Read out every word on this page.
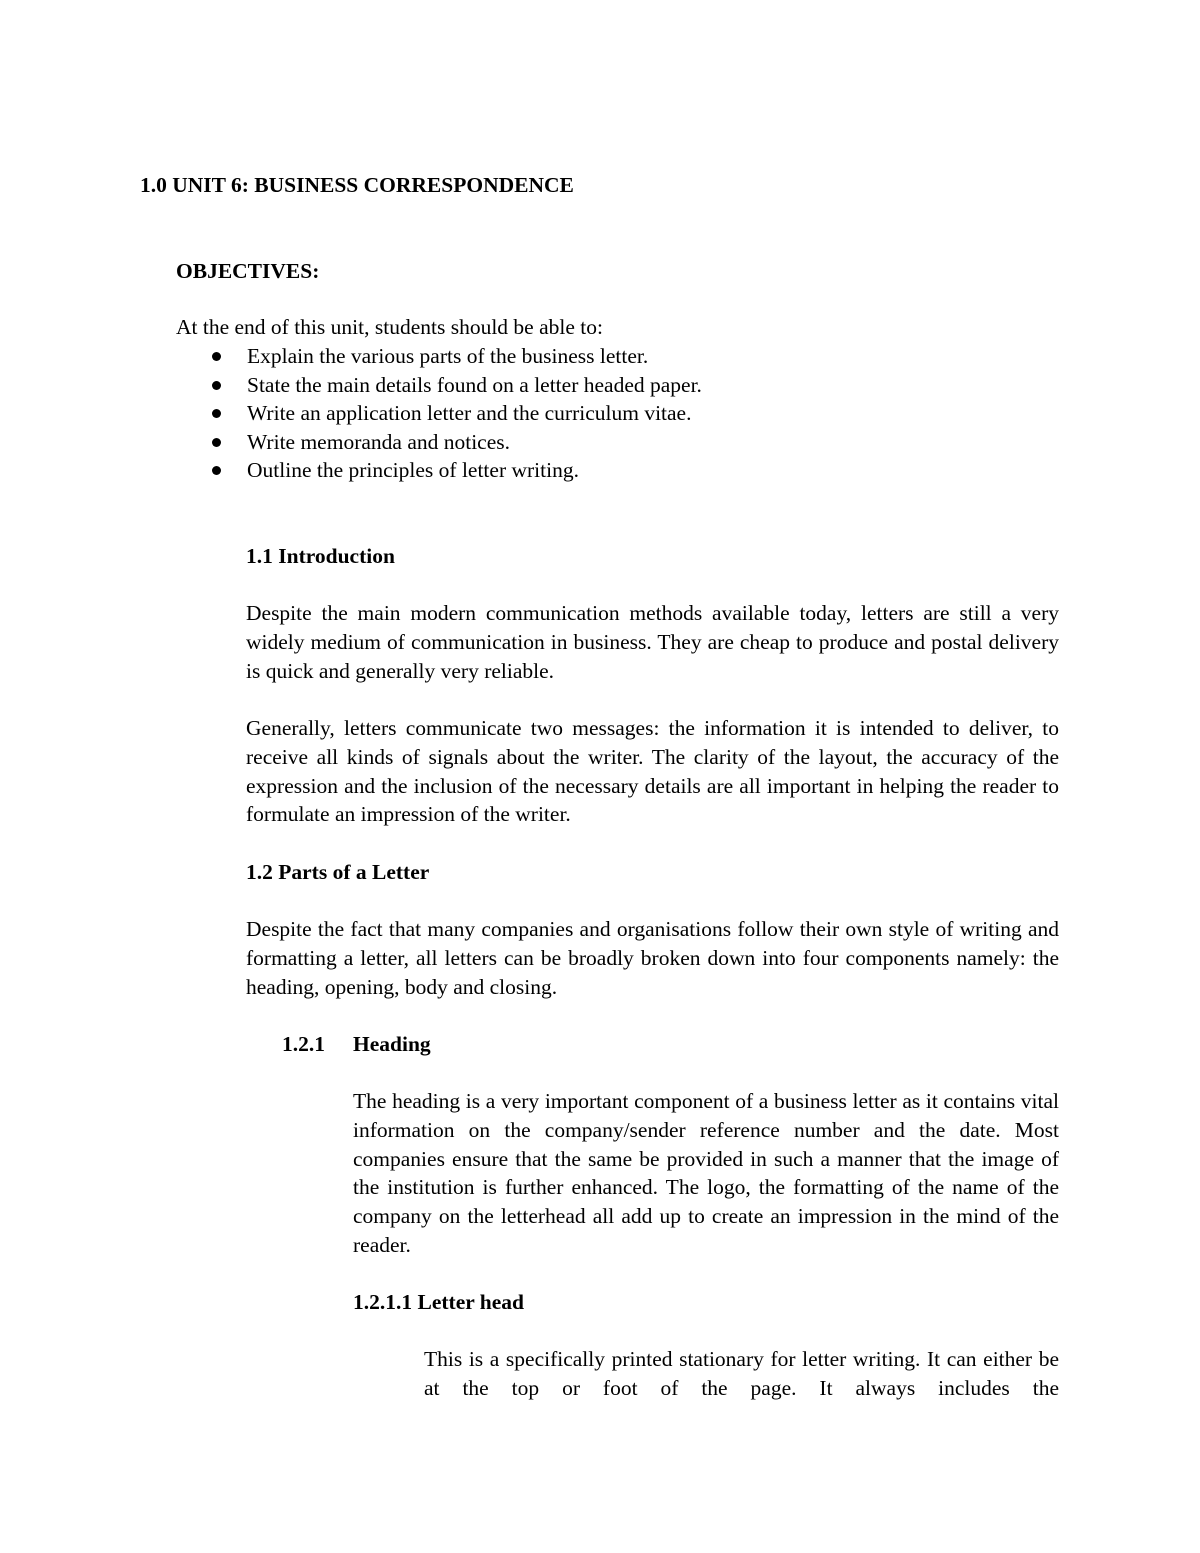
1.0 UNIT 6: BUSINESS CORRESPONDENCE
OBJECTIVES:
At the end of this unit, students should be able to:
Explain the various parts of the business letter.
State the main details found on a letter headed paper.
Write an application letter and the curriculum vitae.
Write memoranda and notices.
Outline the principles of letter writing.
1.1 Introduction

Despite the main modern communication methods available today, letters are still a very widely medium of communication in business. They are cheap to produce and postal delivery is quick and generally very reliable.

Generally, letters communicate two messages: the information it is intended to deliver, to receive all kinds of signals about the writer. The clarity of the layout, the accuracy of the expression and the inclusion of the necessary details are all important in helping the reader to formulate an impression of the writer.

1.2 Parts of a Letter

Despite the fact that many companies and organisations follow their own style of writing and formatting a letter, all letters can be broadly broken down into four components namely: the heading, opening, body and closing.

1.2.1 Heading

The heading is a very important component of a business letter as it contains vital information on the company/sender reference number and the date. Most companies ensure that the same be provided in such a manner that the image of the institution is further enhanced. The logo, the formatting of the name of the company on the letterhead all add up to create an impression in the mind of the reader.

1.2.1.1 Letter head

This is a specifically printed stationary for letter writing. It can either be at the top or foot of the page. It always includes the
